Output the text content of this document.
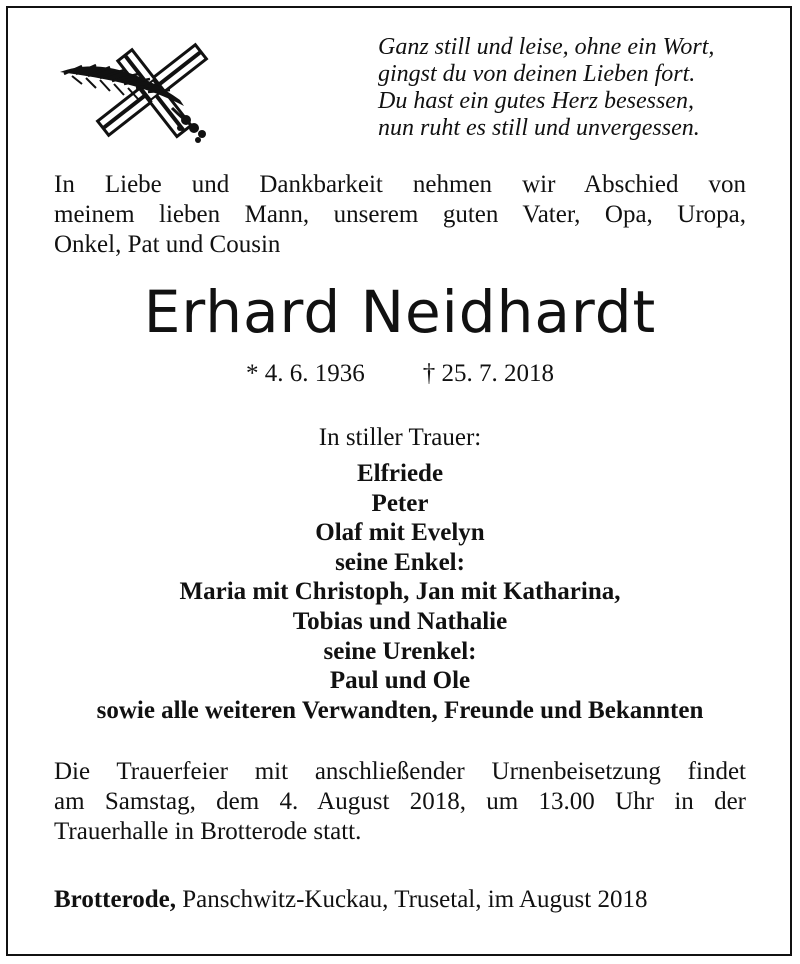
Ganz still und leise, ohne ein Wort,
gingst du von deinen Lieben fort.
Du hast ein gutes Herz besessen,
nun ruht es still und unvergessen.
In Liebe und Dankbarkeit nehmen wir Abschied von
meinem lieben Mann, unserem guten Vater, Opa, Uropa,
Onkel, Pat und Cousin
Erhard Neidhardt
* 4. 6. 1936 † 25. 7. 2018
In stiller Trauer:
Elfriede
Peter
Olaf mit Evelyn
seine Enkel:
Maria mit Christoph, Jan mit Katharina,
Tobias und Nathalie
seine Urenkel:
Paul und Ole
sowie alle weiteren Verwandten, Freunde und Bekannten
Die Trauerfeier mit anschließender Urnenbeisetzung findet
am Samstag, dem 4. August 2018, um 13.00 Uhr in der
Trauerhalle in Brotterode statt.
Brotterode, Panschwitz-Kuckau, Trusetal, im August 2018
